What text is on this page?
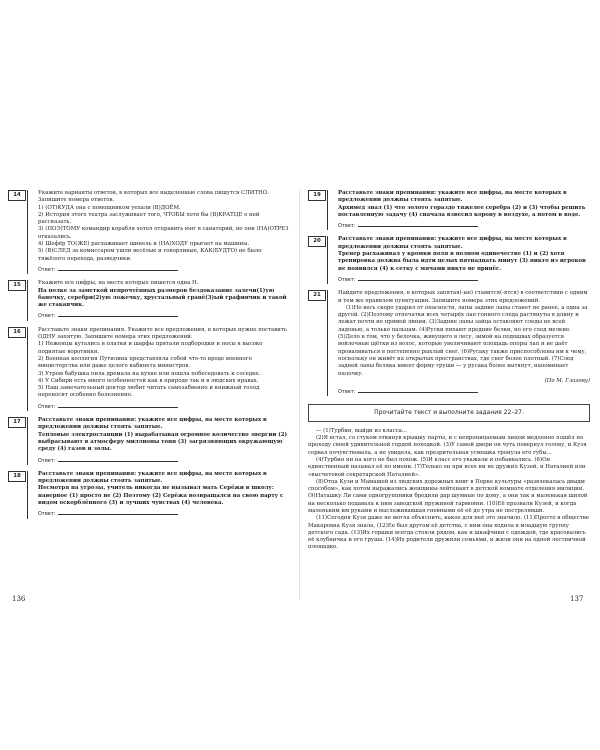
14	Укажите варианты ответов, в которых все выделенные слова пишутся СЛИТНО. Запишите номера ответов.

1) (ОТ)КУДА она с помощником уехали (В)ДОЁМ.

2) История этого театра заслуживает того, ЧТОБЫ хотя бы (В)КРАТЦЕ о ней рассказать.

3) (ПОЭ)ТОМУ командир корабля хотел отправить юнг в санаторий, но они (НА)ОТРЕЗ отказались.

4) Шофёр ТО(ЖЕ) расхаживает шинель и (НА)ХОДУ прыгает на машины.

5) (В)СЛЕД за комиссаром ушли весёлые и говорливые, КАК(БУДТО) не было тяжёлого перехода, разведчики.

Ответ:
15	Укажите все цифры, на месте которых пишется одна Н.

На полке за заметкой непрочтённых размеров бездоказание залечи(1)ую баночку, серебри(2)ую ложечку, хрустальный гранё(3)ый графинчик и такой же стаканчик.

Ответ:
16	Расставьте знаки препинания. Укажите все предложения, в которых нужно поставить ОДНУ запятую. Запишите номера этих предложений.

1) Неженцы кутались в платки и шарфы прятали подбородки и носы в высоко поднятые воротники.

2) Военная коллегия Путилина представляла собой что-то вроде военного министерства или даже целого кабинета министров.

3) Утром бабушка пила дремала на кухне или пошла побеседовать к соседке.

4) У Сибири есть много особенностей как в природе так и в людских нравах.

5) Наш замечательный доктор любит читать самозабвенно и книжный голод переносит особенно болезненно.

Ответ:
17	Расставьте знаки препинания: укажите все цифры, на месте которых в предложении должны стоять запятые.

Тепловые электростанции (1) вырабатывая огромное количество энергии (2) выбрасывают в атмосферу миллионы тонн (3) загрязняющих окружающую среду (4) газов и золы.

Ответ:
18	Расставьте знаки препинания: укажите все цифры, на месте которых в предложении должны стоять запятые.

Несмотря на угрозы, учитель никогда не вызывал мать Серёжи в школу: наверное (1) просто не (2) Поэтому (2) Серёжа возвращался на свою парту с видом оскорблённого (3) и лучших чувствах (4) человека.

Ответ:
136
19	Расставьте знаки препинания: укажите все цифры, на месте которых в предложении должны стоять запятые.

Архимед знал (1) что золото гораздо тяжелее серебра (2) и (3) чтобы решить поставленную задачу (4) сначала взвесил корону в воздухе, а потом в воде.

Ответ:
20	Расставьте знаки препинания: укажите все цифры, на месте которых в предложении должны стоять запятые.

Тренер расхаживал у кромки поля в полном одиночестве (1) и (2) хотя тренировка должна была идти целых пятнадцать минут (3) никто из игроков не появился (4) к сетку с мячами никто не принёс.

Ответ:
21	Найдите предложения, в которых запятая(-ые) ставится(-ятся) в соответствии с одним и тем же правилом пунктуации. Запишите номера этих предложений.

(1)Но весь скоро ударил от опасности, лапы задние лапы станет не ранее, а одна за другой. (2)Поэтому отпечатки всех четырёх лап гонного следа растянуты в длину и лежат почти не прямой линии. (3)Задние лапы зайца оставляют следы не всей ладонью, а только пальцам. (4)Руски пихают предние белки, но его след мелкие. (5)Дело в том, что у белочка, живущего в лесу, зимой на подошвах образуется войлочные щётки из волос, которые увеличивают площадь опоры лап и не даёт проваливаться в постепенно рыхлый снег. (6)Русаку также приспособлены им к чему, поскольку он живёт на открытых пространствах, где снег более плотный. (7)След задней лапы беляка имеет форму груши — у русака более вытянут, напоминает палочку.

(По М. Глазову)

Ответ:
Прочитайте текст и выполните задания 22–27.

— (1)Турбин, выйди из класса...

(2)Я встал, со стуком откинув крышку парты, и с непроницаемым лицом медленно пошёл по проходу своей удивительной гордой походкой. (3)У самой двери он чуть повернул голову, и Кузя сорвал почувствовала, а не увидела, как презрительная усмешка тронула его губы...

(4)Турбин ни на кого не был похож. (5)И класс его уважали и побаивались. (6)Он единственный называл её по имени. (7)Только он при всех ни не дружил Кузей, и Наталией или «высчетовой секретарской Наталией».

(8)Отца Кузи и Мамашей из людских дорожных книг в Порке культуры «развлекалась двыдм способом», как потом выражались женщины-лейтенант в детской комнате отделения милиции. (9)Наташку Ли сами одногруппники бредили дар шумные по дому, а они так и маленькая шилой на несколько подавала к ним заводской пружиной гармонии. (10)Её прозвали Кузей, и когда маленьким им руками и выслеживавшая гневными её её до утра не пострелявши.

(11)Сегодня Кузя даже не могла объяснить, какое для неё это значило. (11)Просто в обществе Макаровна Кузя знала, (12)Ее был другом её детства, с ним она ходила в младшую группу детского сада. (13)Их горшки всегда стояли рядом, как и шкафчики с одеждой, где красовались её клубничка и его груша. (14)Их родители дружили семьями, и жили они на одной лестничной площадке.

137
